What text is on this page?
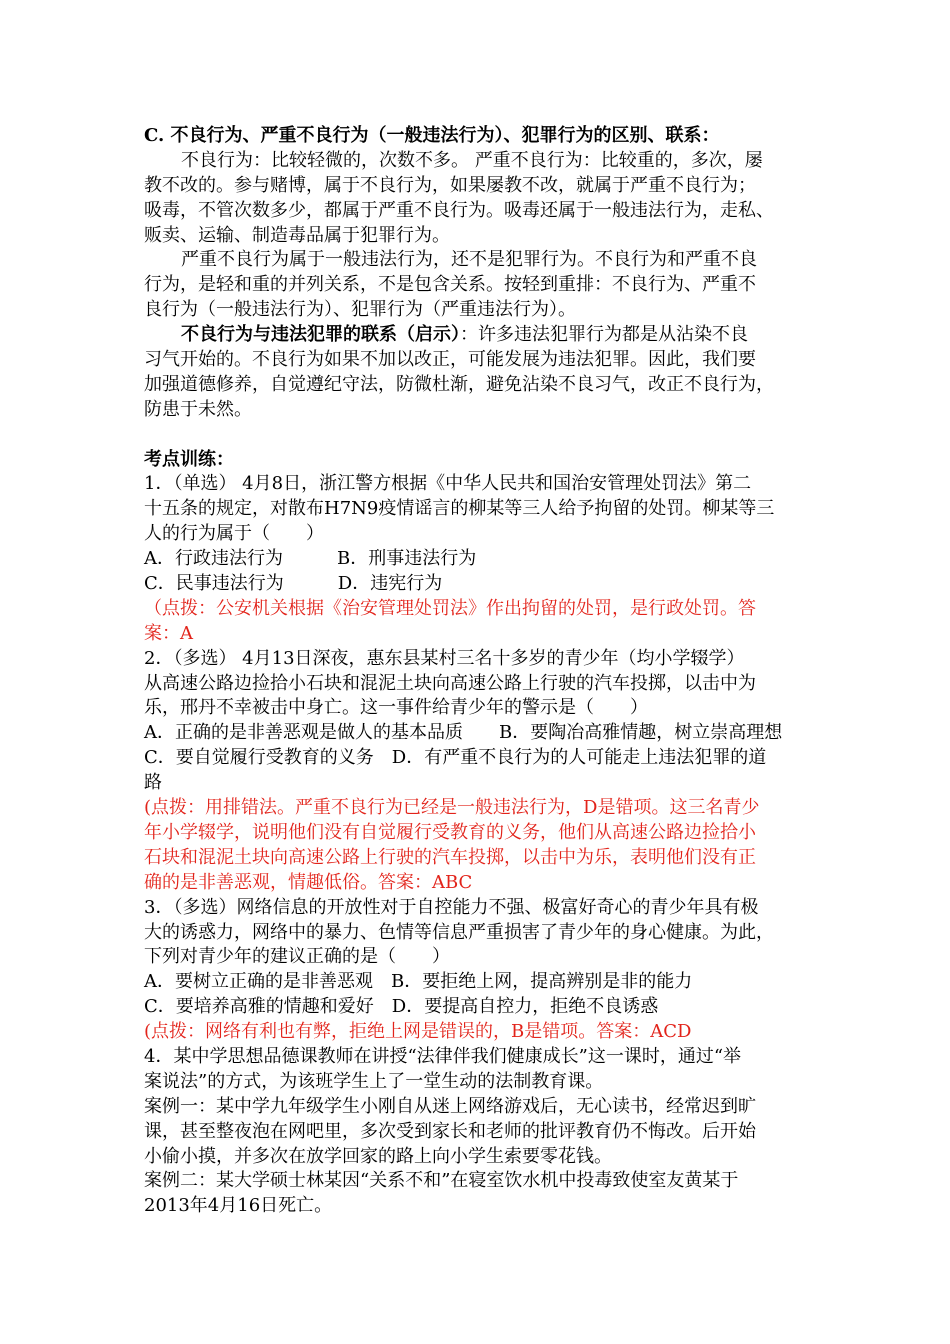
C. 不良行为、严重不良行为（一般违法行为）、犯罪行为的区别、联系：
不良行为：比较轻微的，次数不多。 严重不良行为：比较重的，多次，屡
教不改的。参与赌博，属于不良行为，如果屡教不改，就属于严重不良行为；
吸毒，不管次数多少，都属于严重不良行为。吸毒还属于一般违法行为，走私、
贩卖、运输、制造毒品属于犯罪行为。
严重不良行为属于一般违法行为，还不是犯罪行为。不良行为和严重不良
行为，是轻和重的并列关系，不是包含关系。按轻到重排：不良行为、严重不
良行为（一般违法行为）、犯罪行为（严重违法行为）。
不良行为与违法犯罪的联系（启示）：许多违法犯罪行为都是从沾染不良
习气开始的。不良行为如果不加以改正，可能发展为违法犯罪。因此，我们要
加强道德修养，自觉遵纪守法，防微杜渐，避免沾染不良习气，改正不良行为，
防患于未然。
考点训练：
1．（单选） 4月8日，浙江警方根据《中华人民共和国治安管理处罚法》第二
十五条的规定，对散布H7N9疫情谣言的柳某等三人给予拘留的处罚。柳某等三
人的行为属于（　　）
A．行政违法行为　　　B．刑事违法行为
C．民事违法行为　　　D．违宪行为
（点拨：公安机关根据《治安管理处罚法》作出拘留的处罚，是行政处罚。答
案：A
2．（多选） 4月13日深夜，惠东县某村三名十多岁的青少年（均小学辍学）
从高速公路边捡拾小石块和混泥土块向高速公路上行驶的汽车投掷，以击中为
乐，邢丹不幸被击中身亡。这一事件给青少年的警示是（　　）
A．正确的是非善恶观是做人的基本品质　　B．要陶冶高雅情趣，树立崇高理想
C．要自觉履行受教育的义务　D．有严重不良行为的人可能走上违法犯罪的道
路
(点拨：用排错法。严重不良行为已经是一般违法行为，D是错项。这三名青少
年小学辍学，说明他们没有自觉履行受教育的义务，他们从高速公路边捡拾小
石块和混泥土块向高速公路上行驶的汽车投掷，以击中为乐，表明他们没有正
确的是非善恶观，情趣低俗。答案：ABC
3．（多选）网络信息的开放性对于自控能力不强、极富好奇心的青少年具有极
大的诱惑力，网络中的暴力、色情等信息严重损害了青少年的身心健康。为此，
下列对青少年的建议正确的是（　　）
A．要树立正确的是非善恶观　B．要拒绝上网，提高辨别是非的能力
C．要培养高雅的情趣和爱好　D．要提高自控力，拒绝不良诱惑
(点拨：网络有利也有弊，拒绝上网是错误的，B是错项。答案：ACD
4．某中学思想品德课教师在讲授“法律伴我们健康成长”这一课时，通过“举
案说法”的方式，为该班学生上了一堂生动的法制教育课。
案例一：某中学九年级学生小刚自从迷上网络游戏后，无心读书，经常迟到旷
课，甚至整夜泡在网吧里，多次受到家长和老师的批评教育仍不悔改。后开始
小偷小摸，并多次在放学回家的路上向小学生索要零花钱。
案例二：某大学硕士林某因“关系不和”在寝室饮水机中投毒致使室友黄某于
2013年4月16日死亡。
